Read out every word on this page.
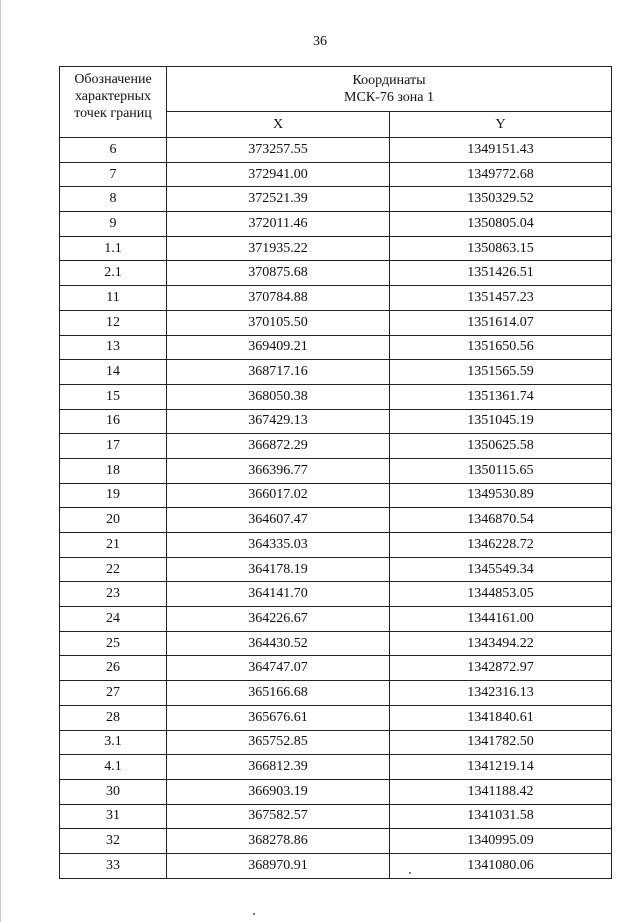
36
Обозначение характерных точек границ	Координаты
МСК-76 зона 1	
	X	Y
6	373257.55	1349151.43
7	372941.00	1349772.68
8	372521.39	1350329.52
9	372011.46	1350805.04
1.1	371935.22	1350863.15
2.1	370875.68	1351426.51
11	370784.88	1351457.23
12	370105.50	1351614.07
13	369409.21	1351650.56
14	368717.16	1351565.59
15	368050.38	1351361.74
16	367429.13	1351045.19
17	366872.29	1350625.58
18	366396.77	1350115.65
19	366017.02	1349530.89
20	364607.47	1346870.54
21	364335.03	1346228.72
22	364178.19	1345549.34
23	364141.70	1344853.05
24	364226.67	1344161.00
25	364430.52	1343494.22
26	364747.07	1342872.97
27	365166.68	1342316.13
28	365676.61	1341840.61
3.1	365752.85	1341782.50
4.1	366812.39	1341219.14
30	366903.19	1341188.42
31	367582.57	1341031.58
32	368278.86	1340995.09
33	368970.91	1341080.06
